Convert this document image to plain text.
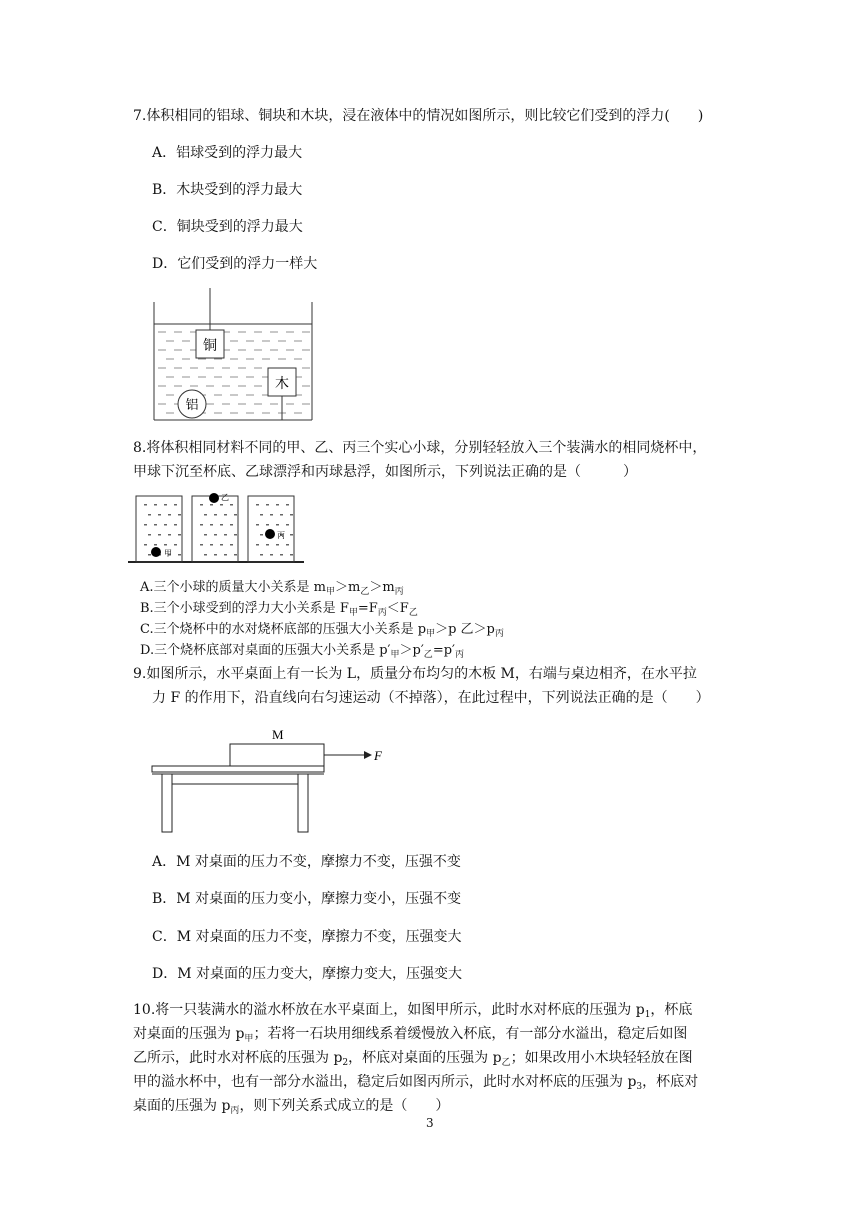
7.体积相同的铝球、铜块和木块，浸在液体中的情况如图所示，则比较它们受到的浮力(　　)
A．铝球受到的浮力最大
B．木块受到的浮力最大
C．铜块受到的浮力最大
D．它们受到的浮力一样大
铜
木
铝
8.将体积相同材料不同的甲、乙、丙三个实心小球，分别轻轻放入三个装满水的相同烧杯中，
甲球下沉至杯底、乙球漂浮和丙球悬浮，如图所示，下列说法正确的是（　　　）
甲
乙
丙
A.三个小球的质量大小关系是 $m_甲>m_乙>m_丙$
B.三个小球受到的浮力大小关系是 $F_甲=F_丙<F_乙$
C.三个烧杯中的水对烧杯底部的压强大小关系是 $p_甲>p$ 乙$>p_丙$
D.三个烧杯底部对桌面的压强大小关系是 $p'_甲>p'_乙=p'_丙$
9.如图所示，水平桌面上有一长为 L，质量分布均匀的木板 M，右端与桌边相齐，在水平拉
力 F 的作用下，沿直线向右匀速运动（不掉落），在此过程中，下列说法正确的是（　　）
M
F
A．M 对桌面的压力不变，摩擦力不变，压强不变
B．M 对桌面的压力变小，摩擦力变小，压强不变
C．M 对桌面的压力不变，摩擦力不变，压强变大
D．M 对桌面的压力变大，摩擦力变大，压强变大
10.将一只装满水的溢水杯放在水平桌面上，如图甲所示，此时水对杯底的压强为 $p_1$，杯底
对桌面的压强为 $p_甲$；若将一石块用细线系着缓慢放入杯底，有一部分水溢出，稳定后如图
乙所示，此时水对杯底的压强为 $p_2$，杯底对桌面的压强为 $p_乙$；如果改用小木块轻轻放在图
甲的溢水杯中，也有一部分水溢出，稳定后如图丙所示，此时水对杯底的压强为 $p_3$，杯底对
桌面的压强为 $p_丙$，则下列关系式成立的是（　　）
3
